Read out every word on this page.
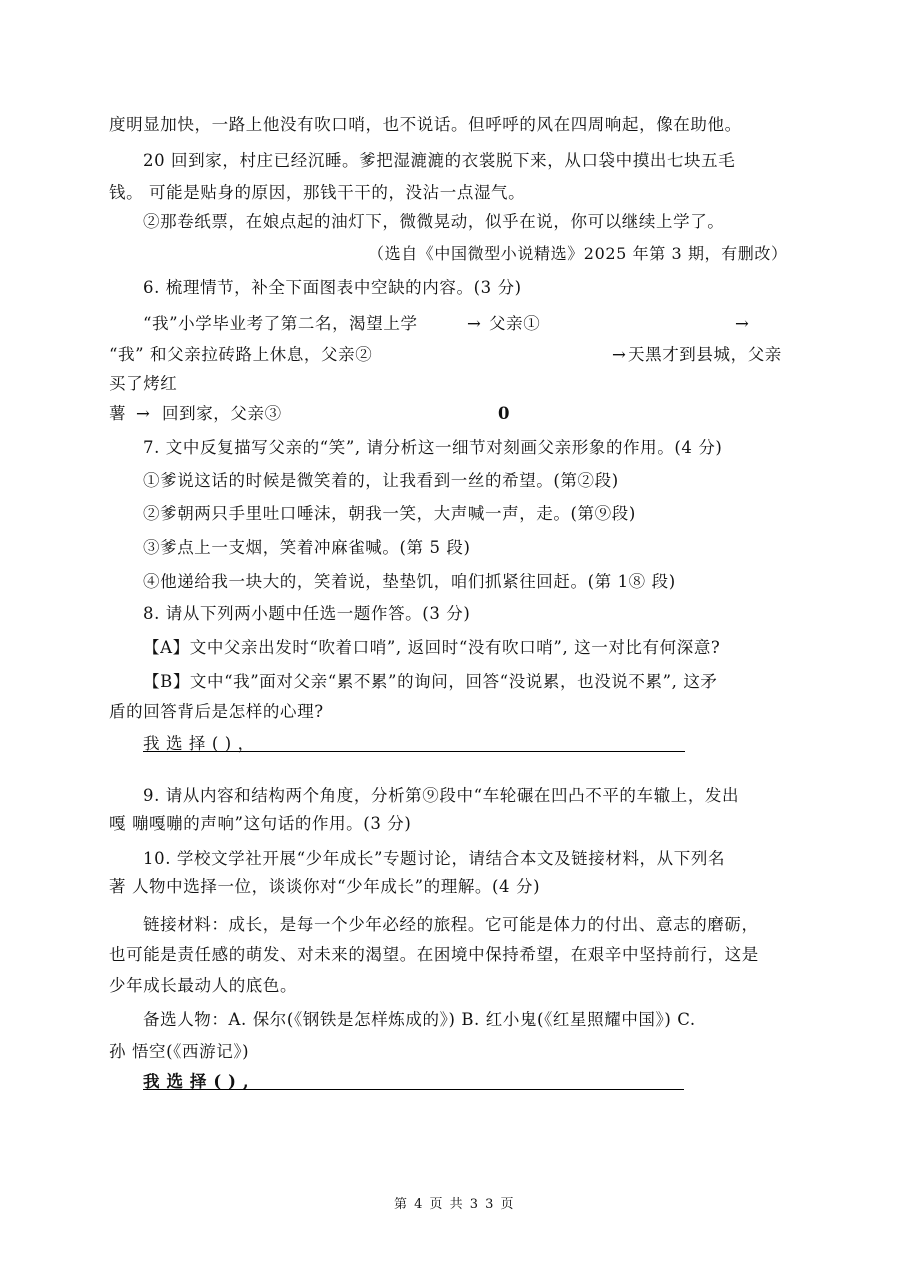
度明显加快，一路上他没有吹口哨，也不说话。但呼呼的风在四周响起，像在助他。
20 回到家，村庄已经沉睡。爹把湿漉漉的衣裳脱下来，从口袋中摸出七块五毛
钱。 可能是贴身的原因，那钱干干的，没沾一点湿气。
②那卷纸票，在娘点起的油灯下，微微晃动，似乎在说，你可以继续上学了。
（选自《中国微型小说精选》2025 年第 3 期，有删改）
6. 梳理情节，补全下面图表中空缺的内容。(3 分)
“我”小学毕业考了第二名，渴望上学	→ 父亲①	→
“我” 和父亲拉砖路上休息，父亲②	→ 天黑才到县城，父亲
买了烤红
薯 → 回到家，父亲③	0
7. 文中反复描写父亲的“笑”, 请分析这一细节对刻画父亲形象的作用。(4 分)
①爹说这话的时候是微笑着的，让我看到一丝的希望。(第②段)
②爹朝两只手里吐口唾沫，朝我一笑，大声喊一声，走。(第⑨段)
③爹点上一支烟，笑着冲麻雀喊。(第 5 段)
④他递给我一块大的，笑着说，垫垫饥，咱们抓紧往回赶。(第 1⑧ 段)
8. 请从下列两小题中任选一题作答。(3 分)
【A】文中父亲出发时“吹着口哨”, 返回时“没有吹口哨”, 这一对比有何深意?
【B】文中“我”面对父亲“累不累”的询问，回答“没说累，也没说不累”, 这矛
盾的回答背后是怎样的心理?
我 选 择 ( ) ，
9. 请从内容和结构两个角度，分析第⑨段中“车轮碾在凹凸不平的车辙上，发出
嘎 嘣嘎嘣的声响”这句话的作用。(3 分)
10. 学校文学社开展“少年成长”专题讨论，请结合本文及链接材料，从下列名
著 人物中选择一位，谈谈你对“少年成长”的理解。(4 分)
链接材料：成长，是每一个少年必经的旅程。它可能是体力的付出、意志的磨砺，
也可能是责任感的萌发、对未来的渴望。在困境中保持希望，在艰辛中坚持前行，这是
少年成长最动人的底色。
备选人物：A. 保尔(《钢铁是怎样炼成的》) B. 红小鬼(《红星照耀中国》) C.
孙 悟空(《西游记》)
我 选 择 ( ) ,
第 4 页 共 3 3 页
